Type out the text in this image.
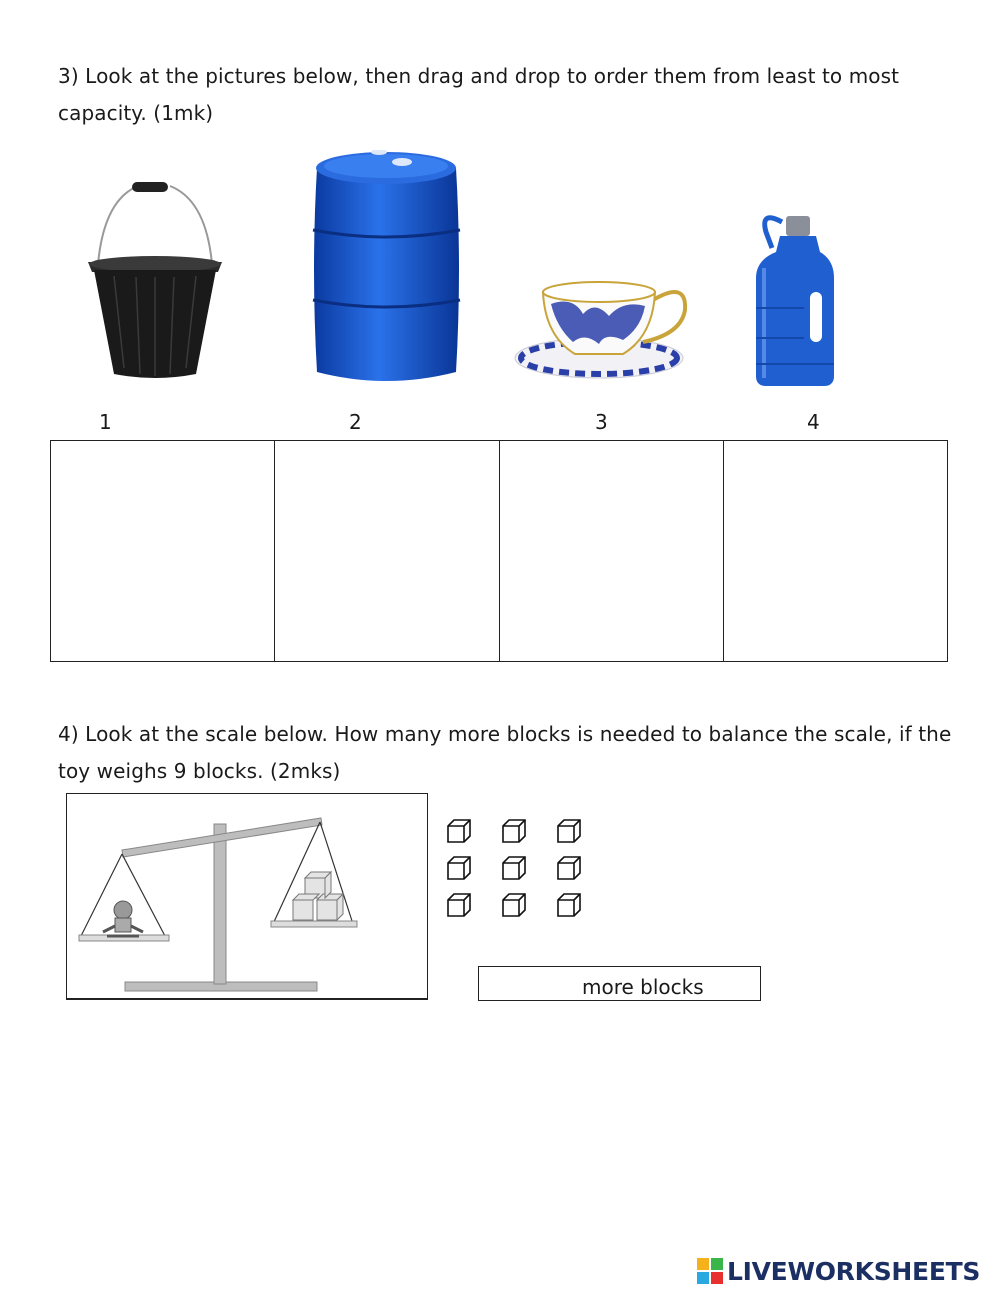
3) Look at the pictures below, then drag and drop to order them from least to most capacity. (1mk)
1	2	3	4
4) Look at the scale below. How many more blocks is needed to balance the scale, if the toy weighs 9 blocks. (2mks)
more blocks
LIVEWORKSHEETS
